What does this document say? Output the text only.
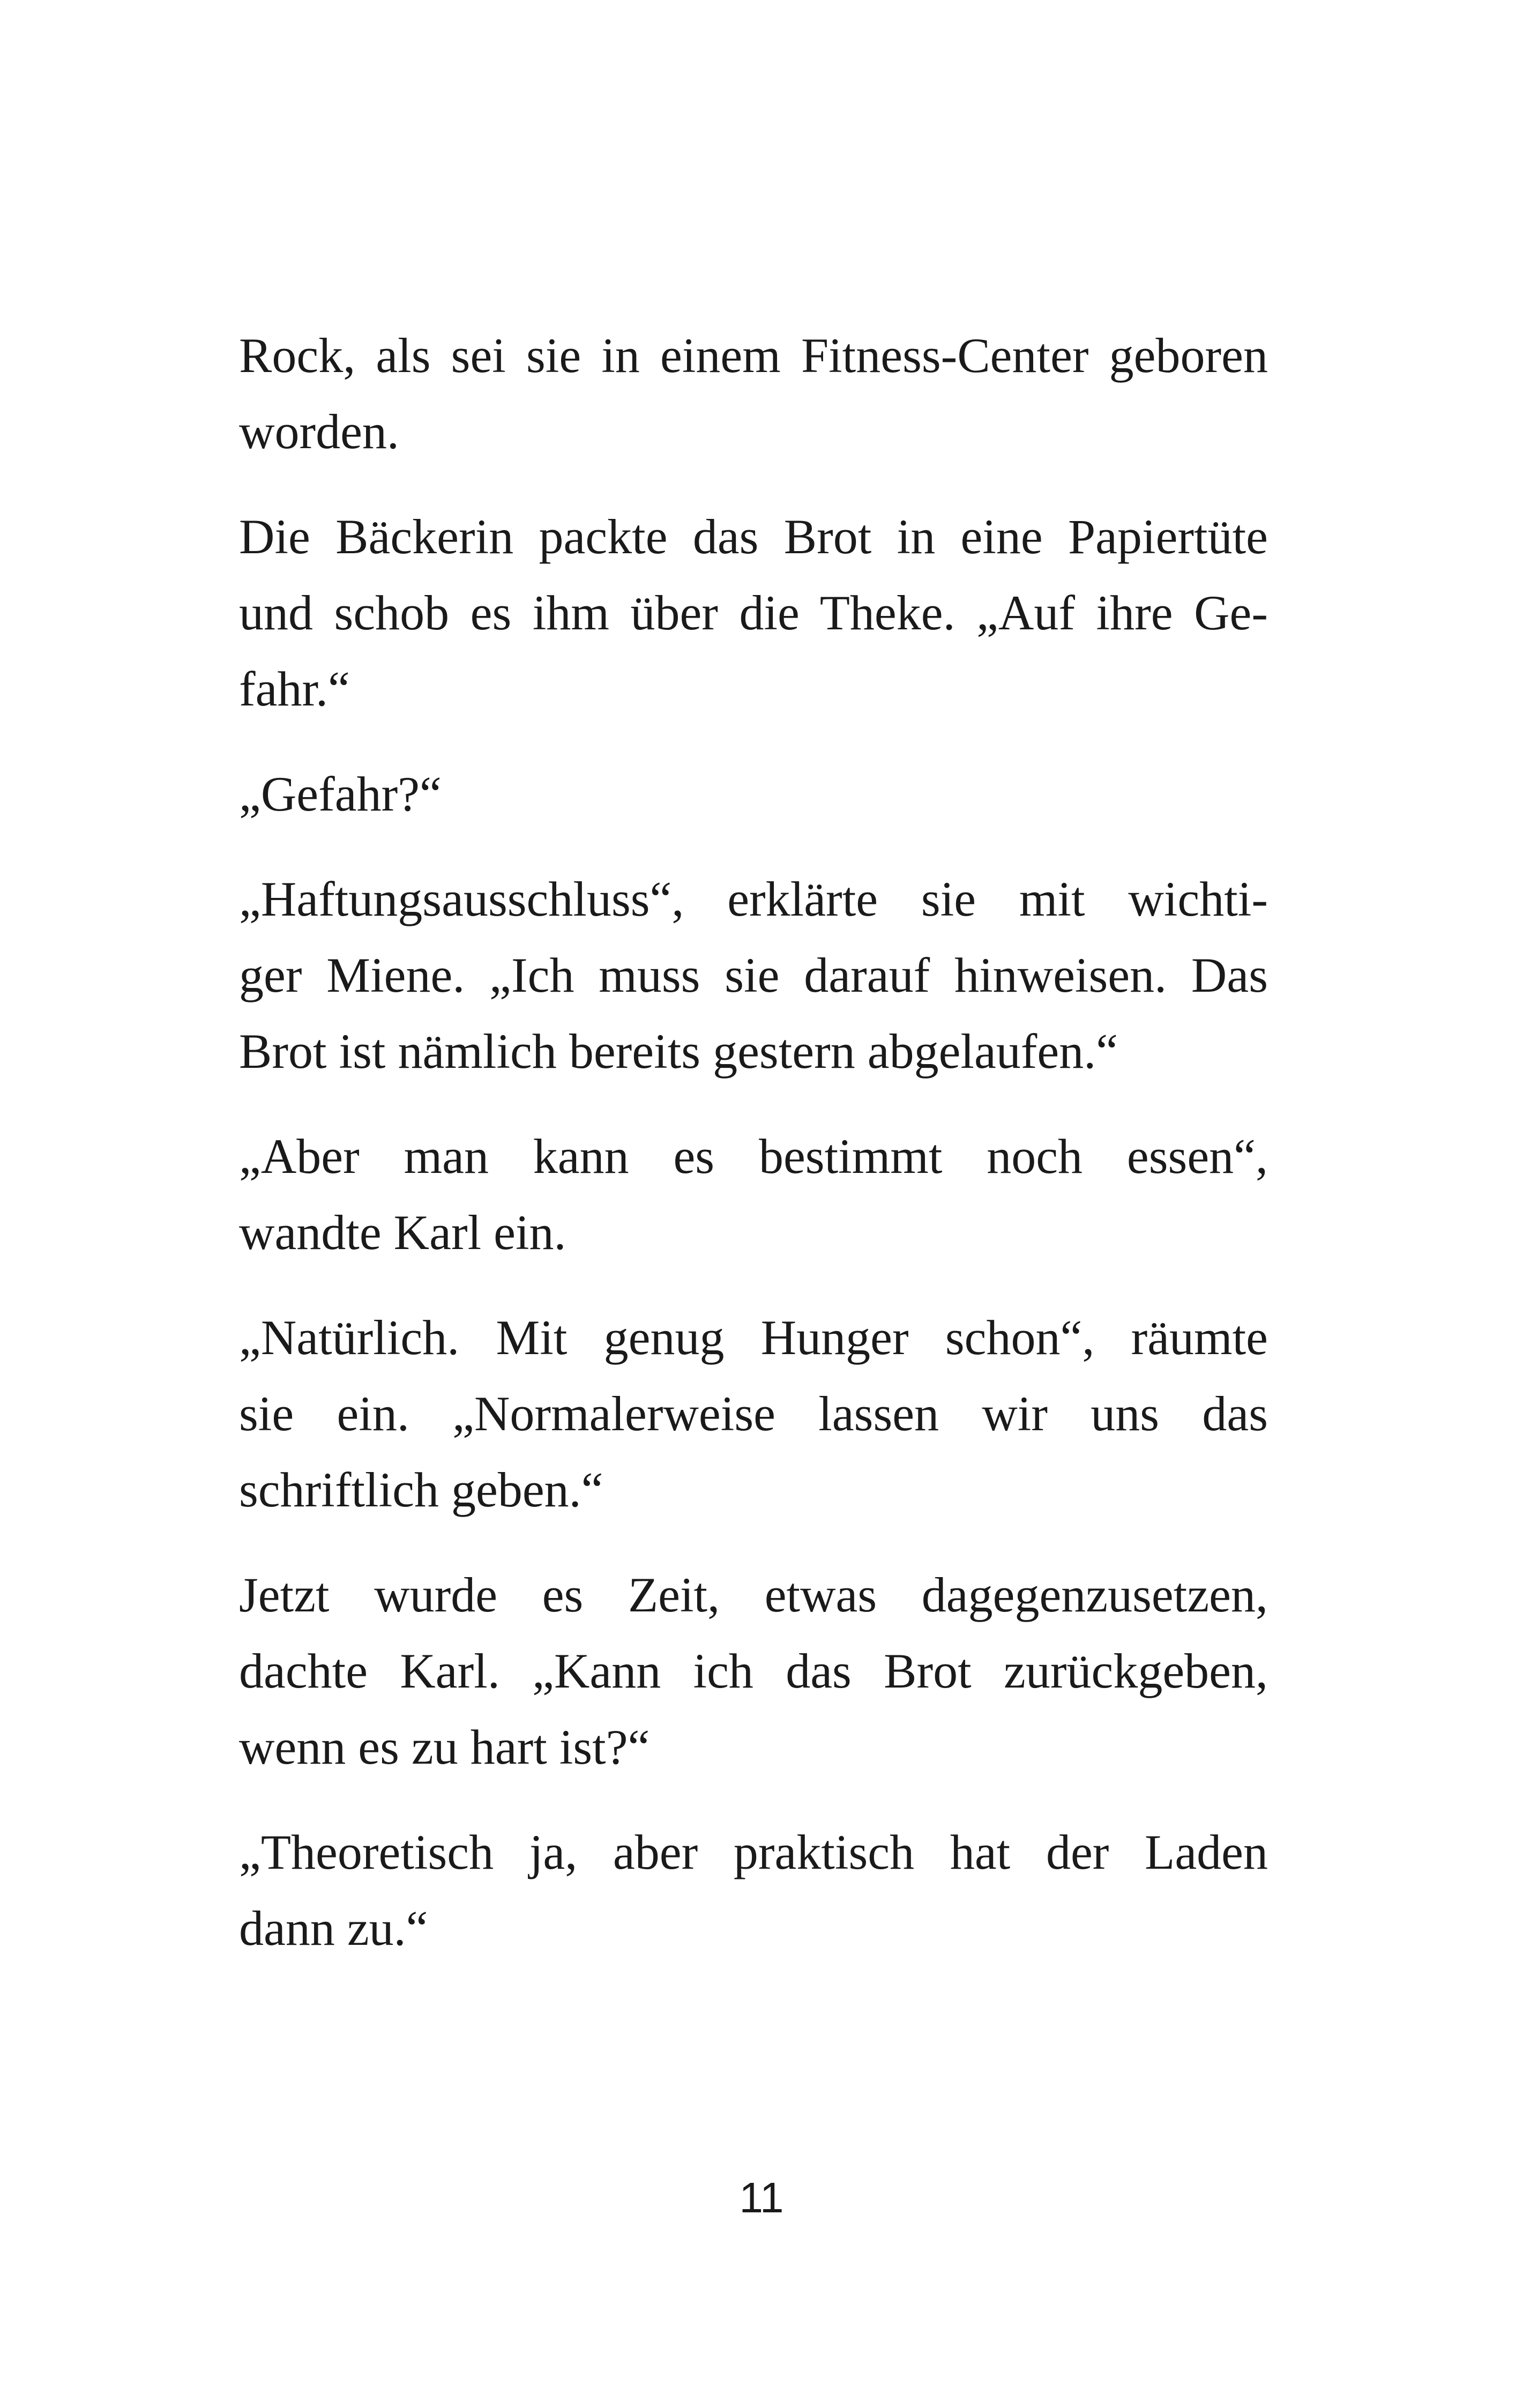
Rock, als sei sie in einem Fitness-Center geboren
worden.

Die Bäckerin packte das Brot in eine Papiertüte
und schob es ihm über die Theke. „Auf ihre Ge-
fahr.“

„Gefahr?“

„Haftungsausschluss“, erklärte sie mit wichti-
ger Miene. „Ich muss sie darauf hinweisen. Das
Brot ist nämlich bereits gestern abgelaufen.“

„Aber man kann es bestimmt noch essen“,
wandte Karl ein.

„Natürlich. Mit genug Hunger schon“, räumte
sie ein. „Normalerweise lassen wir uns das
schriftlich geben.“

Jetzt wurde es Zeit, etwas dagegenzusetzen,
dachte Karl. „Kann ich das Brot zurückgeben,
wenn es zu hart ist?“

„Theoretisch ja, aber praktisch hat der Laden
dann zu.“

11
